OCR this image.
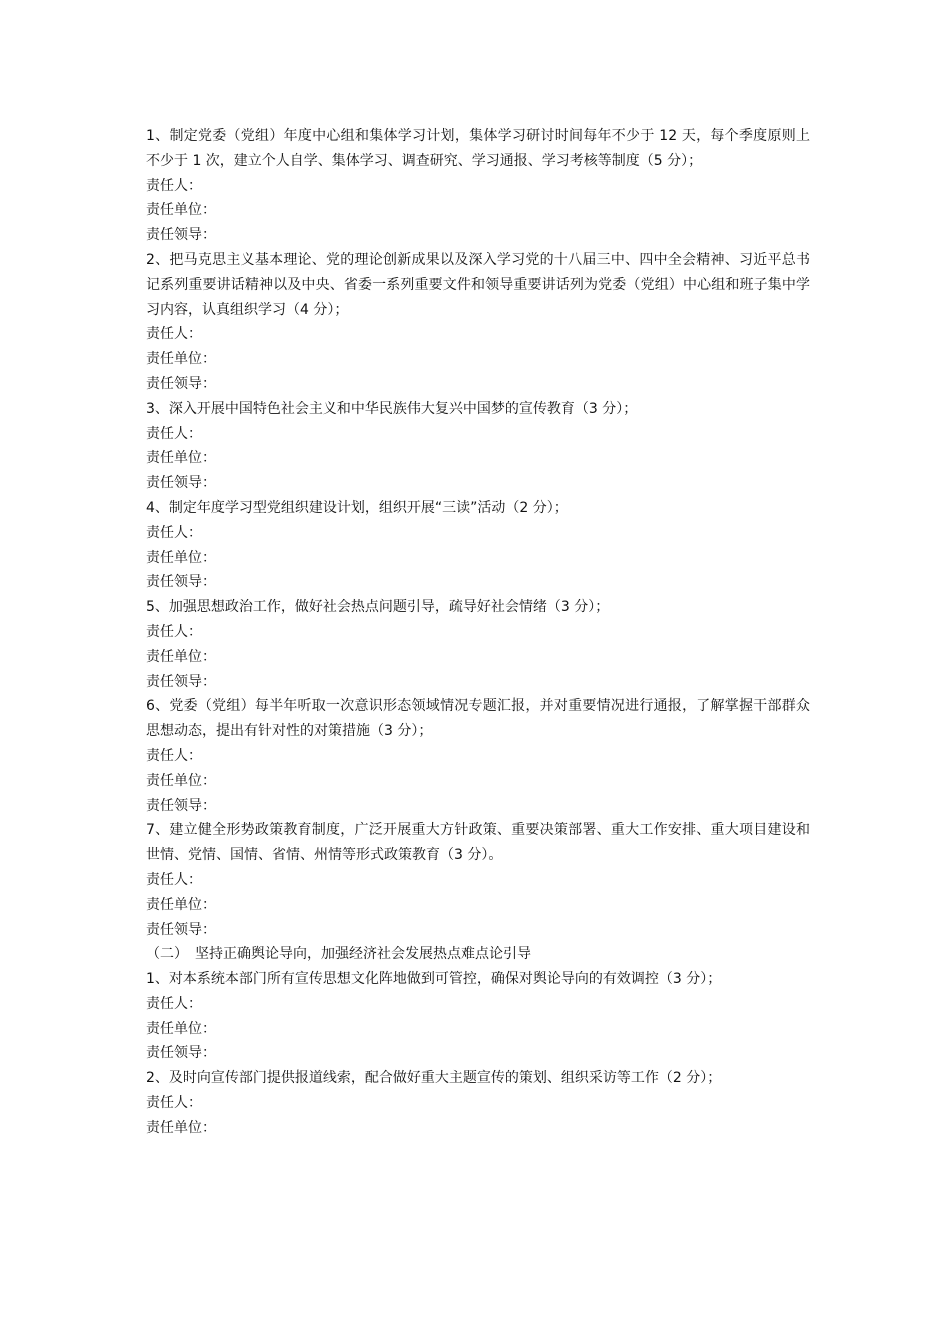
1、制定党委（党组）年度中心组和集体学习计划，集体学习研讨时间每年不少于 12 天，每个季度原则上不少于 1 次，建立个人自学、集体学习、调查研究、学习通报、学习考核等制度（5 分）；

责任人：

责任单位：

责任领导：

2、把马克思主义基本理论、党的理论创新成果以及深入学习党的十八届三中、四中全会精神、习近平总书记系列重要讲话精神以及中央、省委一系列重要文件和领导重要讲话列为党委（党组）中心组和班子集中学习内容，认真组织学习（4 分）；

责任人：

责任单位：

责任领导：

3、深入开展中国特色社会主义和中华民族伟大复兴中国梦的宣传教育（3 分）；

责任人：

责任单位：

责任领导：

4、制定年度学习型党组织建设计划，组织开展“三读”活动（2 分）；

责任人：

责任单位：

责任领导：

5、加强思想政治工作，做好社会热点问题引导，疏导好社会情绪（3 分）；

责任人：

责任单位：

责任领导：

6、党委（党组）每半年听取一次意识形态领域情况专题汇报，并对重要情况进行通报，了解掌握干部群众思想动态，提出有针对性的对策措施（3 分）；

责任人：

责任单位：

责任领导：

7、建立健全形势政策教育制度，广泛开展重大方针政策、重要决策部署、重大工作安排、重大项目建设和世情、党情、国情、省情、州情等形式政策教育（3 分）。

责任人：

责任单位：

责任领导：

（二）　坚持正确舆论导向，加强经济社会发展热点难点论引导

1、对本系统本部门所有宣传思想文化阵地做到可管控，确保对舆论导向的有效调控（3 分）；

责任人：

责任单位：

责任领导：

2、及时向宣传部门提供报道线索，配合做好重大主题宣传的策划、组织采访等工作（2 分）；

责任人：

责任单位：
